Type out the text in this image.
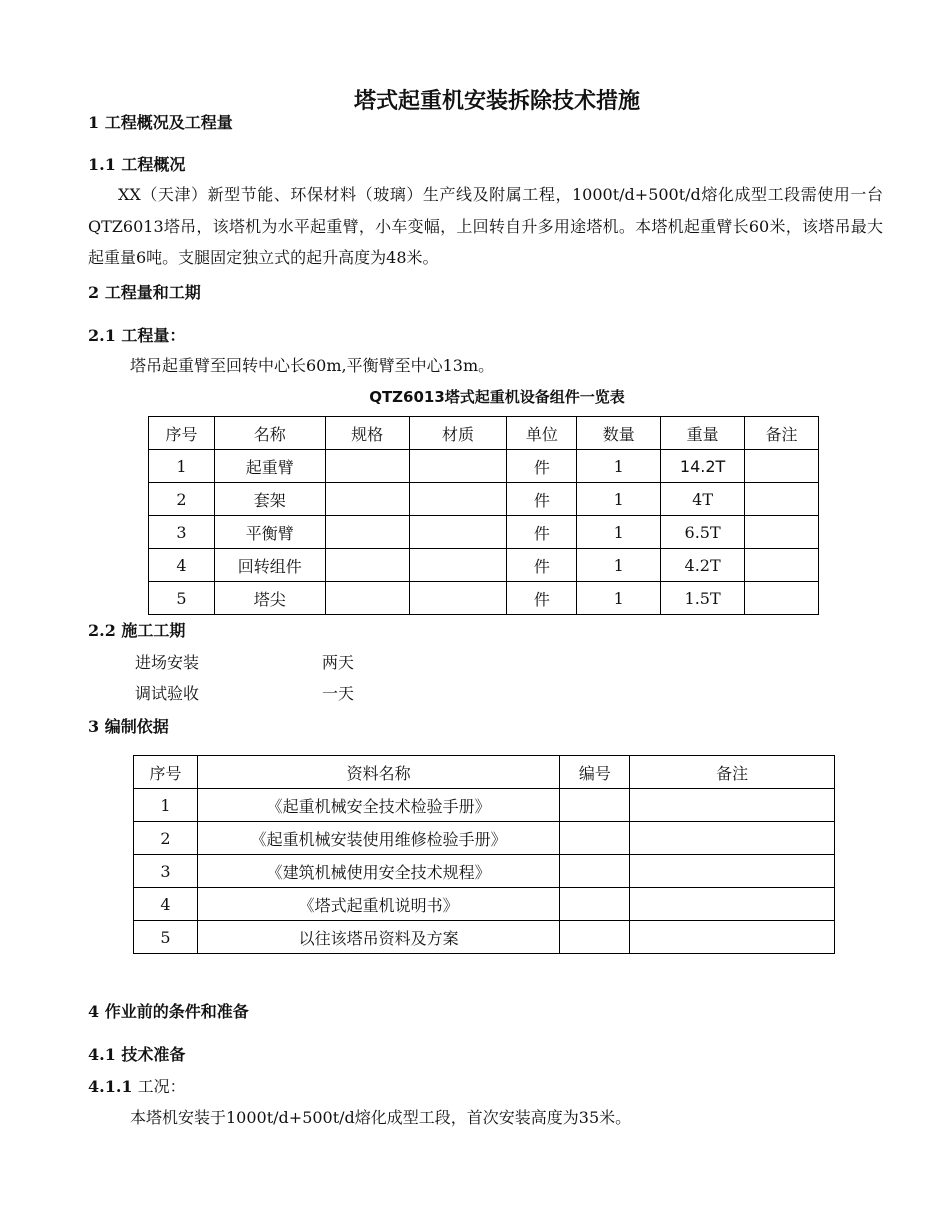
塔式起重机安装拆除技术措施
1 工程概况及工程量
1.1 工程概况
XX（天津）新型节能、环保材料（玻璃）生产线及附属工程，1000t/d+500t/d熔化成型工段需使用一台QTZ6013塔吊，该塔机为水平起重臂，小车变幅，上回转自升多用途塔机。本塔机起重臂长60米，该塔吊最大起重量6吨。支腿固定独立式的起升高度为48米。
2 工程量和工期
2.1 工程量：
塔吊起重臂至回转中心长60m,平衡臂至中心13m。
QTZ6013塔式起重机设备组件一览表
序号	名称	规格	材质	单位	数量	重量	备注
1	起重臂			件	1	14.2T	
2	套架			件	1	4T	
3	平衡臂			件	1	6.5T	
4	回转组件			件	1	4.2T	
5	塔尖			件	1	1.5T	
2.2 施工工期
进场安装	两天
调试验收	一天
3 编制依据
序号	资料名称	编号	备注
1	《起重机械安全技术检验手册》		
2	《起重机械安装使用维修检验手册》		
3	《建筑机械使用安全技术规程》		
4	《塔式起重机说明书》		
5	以往该塔吊资料及方案		
4 作业前的条件和准备
4.1 技术准备
4.1.1 工况：
本塔机安装于1000t/d+500t/d熔化成型工段，首次安装高度为35米。
